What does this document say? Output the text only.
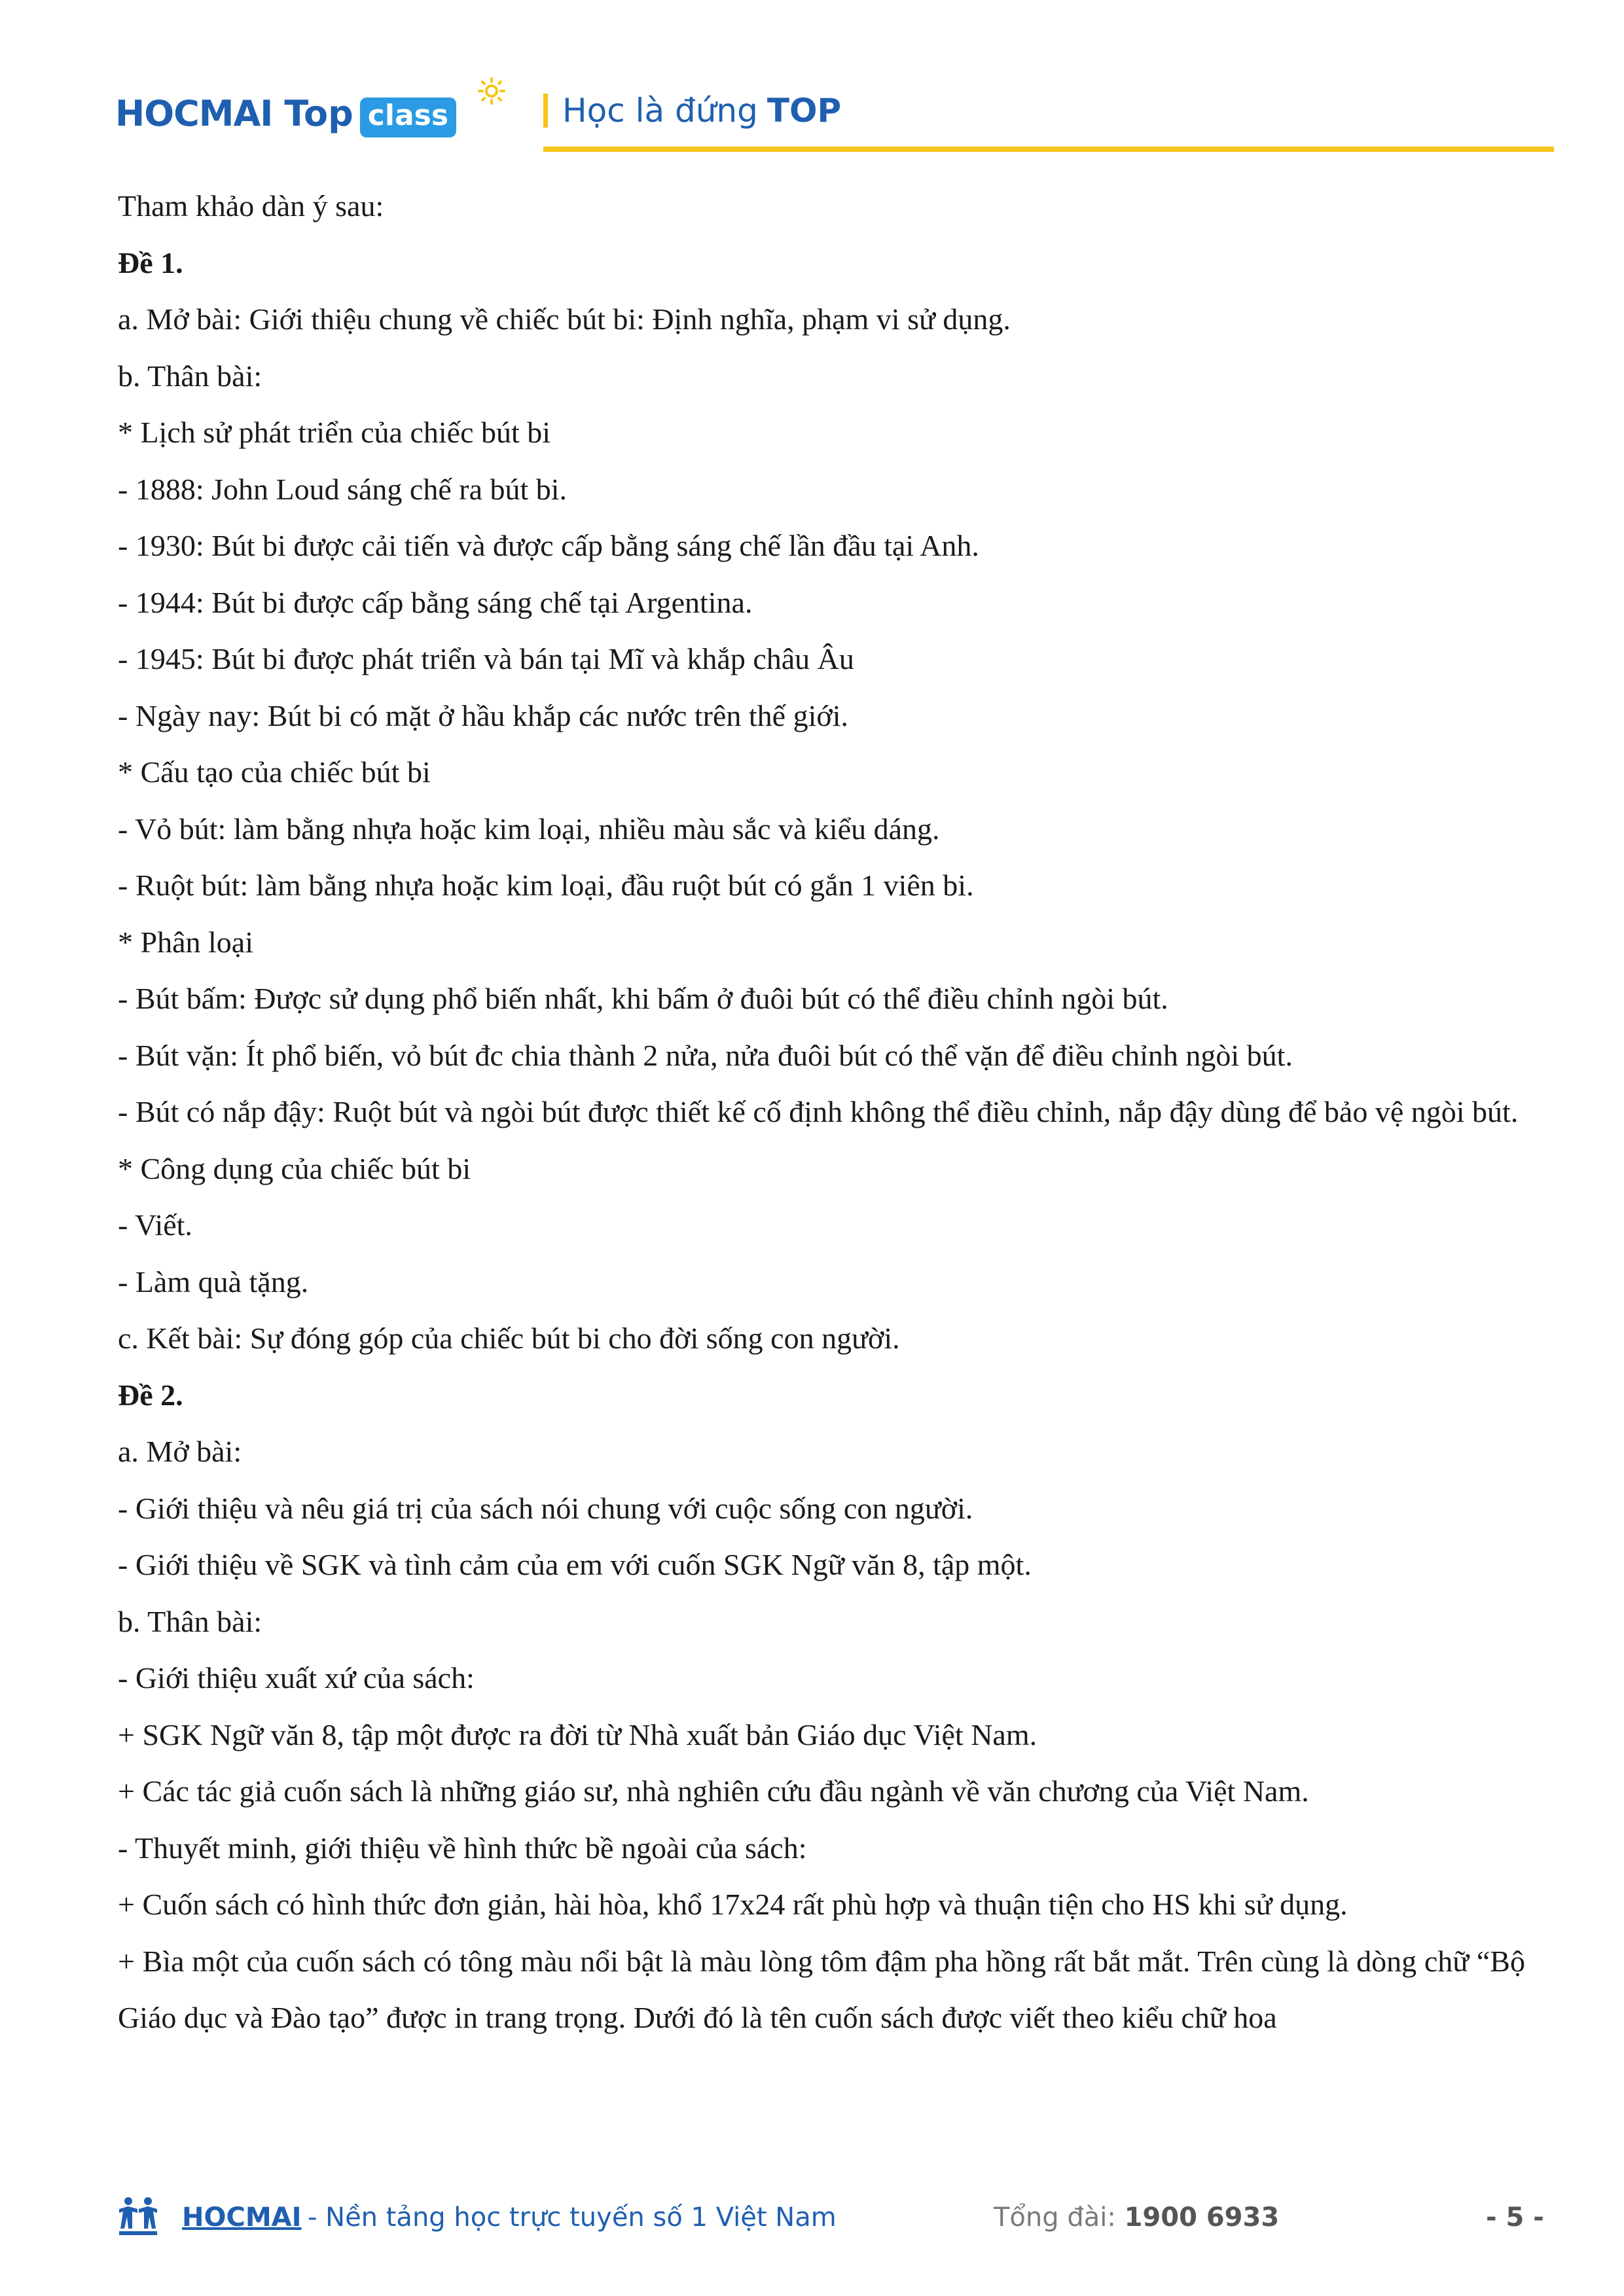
HOCMAI Top class	Học là đứng TOP

Tham khảo dàn ý sau:

Đề 1.

a. Mở bài: Giới thiệu chung về chiếc bút bi: Định nghĩa, phạm vi sử dụng.

b. Thân bài:

* Lịch sử phát triển của chiếc bút bi

- 1888: John Loud sáng chế ra bút bi.

- 1930: Bút bi được cải tiến và được cấp bằng sáng chế lần đầu tại Anh.

- 1944: Bút bi được cấp bằng sáng chế tại Argentina.

- 1945: Bút bi được phát triển và bán tại Mĩ và khắp châu Âu

- Ngày nay: Bút bi có mặt ở hầu khắp các nước trên thế giới.

* Cấu tạo của chiếc bút bi

- Vỏ bút: làm bằng nhựa hoặc kim loại, nhiều màu sắc và kiểu dáng.

- Ruột bút: làm bằng nhựa hoặc kim loại, đầu ruột bút có gắn 1 viên bi.

* Phân loại

- Bút bấm: Được sử dụng phổ biến nhất, khi bấm ở đuôi bút có thể điều chỉnh ngòi bút.

- Bút vặn: Ít phổ biến, vỏ bút đc chia thành 2 nửa, nửa đuôi bút có thể vặn để điều chỉnh ngòi bút.

- Bút có nắp đậy: Ruột bút và ngòi bút được thiết kế cố định không thể điều chỉnh, nắp đậy dùng để bảo vệ ngòi bút.

* Công dụng của chiếc bút bi

- Viết.

- Làm quà tặng.

c. Kết bài: Sự đóng góp của chiếc bút bi cho đời sống con người.

Đề 2.

a. Mở bài:

- Giới thiệu và nêu giá trị của sách nói chung với cuộc sống con người.

- Giới thiệu về SGK và tình cảm của em với cuốn SGK Ngữ văn 8, tập một.

b. Thân bài:

- Giới thiệu xuất xứ của sách:

+ SGK Ngữ văn 8, tập một được ra đời từ Nhà xuất bản Giáo dục Việt Nam.

+ Các tác giả cuốn sách là những giáo sư, nhà nghiên cứu đầu ngành về văn chương của Việt Nam.

- Thuyết minh, giới thiệu về hình thức bề ngoài của sách:

+ Cuốn sách có hình thức đơn giản, hài hòa, khổ 17x24 rất phù hợp và thuận tiện cho HS khi sử dụng.

+ Bìa một của cuốn sách có tông màu nổi bật là màu lòng tôm đậm pha hồng rất bắt mắt. Trên cùng là dòng chữ “Bộ Giáo dục và Đào tạo” được in trang trọng. Dưới đó là tên cuốn sách được viết theo kiểu chữ hoa

HOCMAI - Nền tảng học trực tuyến số 1 Việt Nam	Tổng đài: 1900 6933	- 5 -
